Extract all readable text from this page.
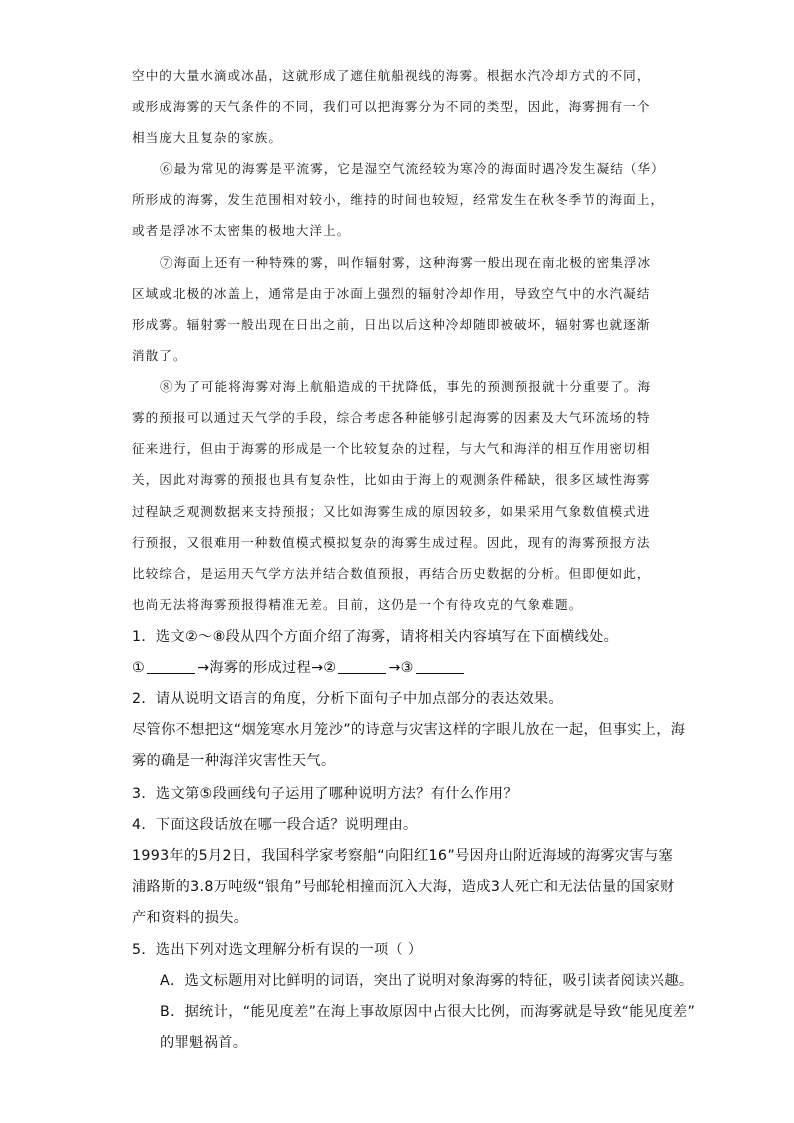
空中的大量水滴或冰晶，这就形成了遮住航船视线的海雾。根据水汽冷却方式的不同，
或形成海雾的天气条件的不同，我们可以把海雾分为不同的类型，因此，海雾拥有一个
相当庞大且复杂的家族。
⑥最为常见的海雾是平流雾，它是湿空气流经较为寒冷的海面时遇冷发生凝结（华）
所形成的海雾，发生范围相对较小，维持的时间也较短，经常发生在秋冬季节的海面上，
或者是浮冰不太密集的极地大洋上。
⑦海面上还有一种特殊的雾，叫作辐射雾，这种海雾一般出现在南北极的密集浮冰
区域或北极的冰盖上，通常是由于冰面上强烈的辐射冷却作用，导致空气中的水汽凝结
形成雾。辐射雾一般出现在日出之前，日出以后这种冷却随即被破坏，辐射雾也就逐渐
消散了。
⑧为了可能将海雾对海上航船造成的干扰降低，事先的预测预报就十分重要了。海
雾的预报可以通过天气学的手段，综合考虑各种能够引起海雾的因素及大气环流场的特
征来进行，但由于海雾的形成是一个比较复杂的过程，与大气和海洋的相互作用密切相
关，因此对海雾的预报也具有复杂性，比如由于海上的观测条件稀缺，很多区域性海雾
过程缺乏观测数据来支持预报；又比如海雾生成的原因较多，如果采用气象数值模式进
行预报，又很难用一种数值模式模拟复杂的海雾生成过程。因此，现有的海雾预报方法
比较综合，是运用天气学方法并结合数值预报，再结合历史数据的分析。但即便如此，
也尚无法将海雾预报得精准无差。目前，这仍是一个有待攻克的气象难题。
1．选文②～⑧段从四个方面介绍了海雾，请将相关内容填写在下面横线处。
①	→海雾的形成过程→②	→③
2．请从说明文语言的角度，分析下面句子中加点部分的表达效果。
尽管你不想把这“烟笼寒水月笼沙”的诗意与灾害这样的字眼儿放在一起，但事实上，海
雾的确是一种海洋灾害性天气。
3．选文第⑤段画线句子运用了哪种说明方法？有什么作用？
4．下面这段话放在哪一段合适？说明理由。
1993年的5月2日，我国科学家考察船“向阳红16”号因舟山附近海域的海雾灾害与塞
浦路斯的3.8万吨级“银角”号邮轮相撞而沉入大海，造成3人死亡和无法估量的国家财
产和资料的损失。
5．选出下列对选文理解分析有误的一项（ ）
A．选文标题用对比鲜明的词语，突出了说明对象海雾的特征，吸引读者阅读兴趣。
B．据统计，“能见度差”在海上事故原因中占很大比例，而海雾就是导致“能见度差”
的罪魁祸首。
